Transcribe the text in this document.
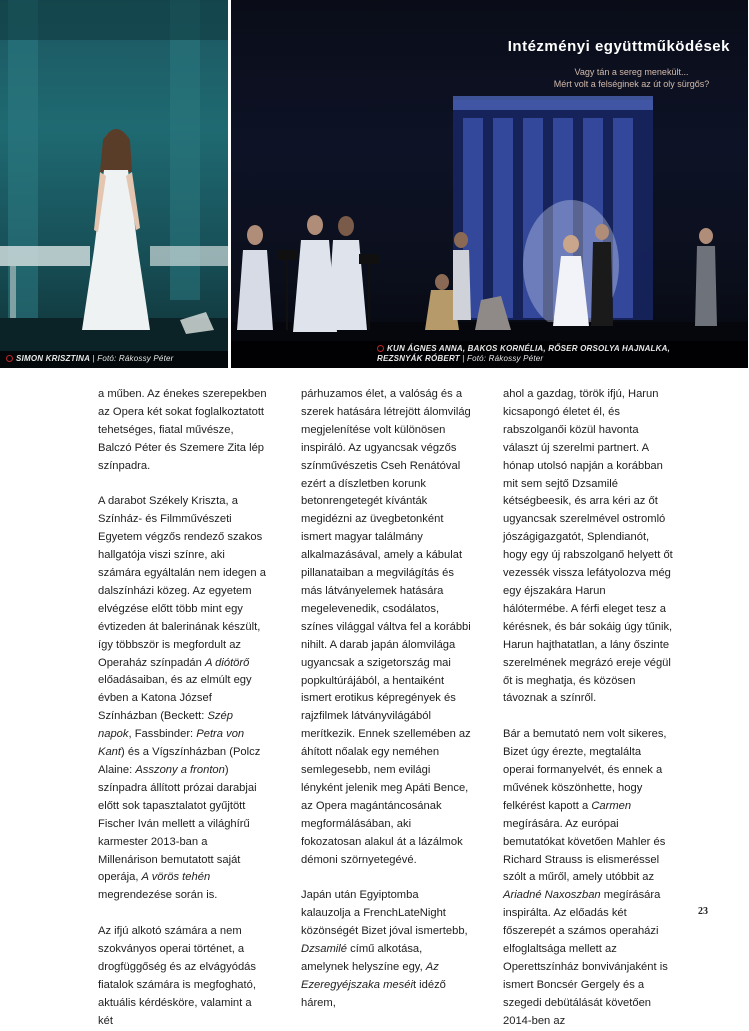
SIMON KRISZTINA | Fotó: Rákossy Péter
Intézményi együttműködések
Vagy tán a sereg menekült...
Mért volt a felséginek az út oly sürgős?
KUN ÁGNES ANNA, BAKOS KORNÉLIA, RŐSER ORSOLYA HAJNALKA,
REZSNYÁK RÓBERT | Fotó: Rákossy Péter

a műben. Az énekes szerepekben az Opera két sokat foglalkoztatott tehetséges, fiatal művésze, Balczó Péter és Szemere Zita lép színpadra.

A darabot Székely Kriszta, a Színház- és Filmművészeti Egyetem végzős rendező szakos hallgatója viszi színre, aki számára egyáltalán nem idegen a dalszínházi közeg. Az egyetem elvégzése előtt több mint egy évtizeden át balerinának készült, így többször is megfordult az Operaház színpadán A diótörő előadásaiban, és az elmúlt egy évben a Katona József Színházban (Beckett: Szép napok, Fassbinder: Petra von Kant) és a Vígszínházban (Polcz Alaine: Asszony a fronton) színpadra állított prózai darabjai előtt sok tapasztalatot gyűjtött Fischer Iván mellett a világhírű karmester 2013-ban a Millenárison bemutatott saját operája, A vörös tehén megrendezése során is.

Az ifjú alkotó számára a nem szokványos operai történet, a drogfüggőség és az elvágyódás fiatalok számára is megfogható, aktuális kérdésköre, valamint a két

párhuzamos élet, a valóság és a szerek hatására létrejött álomvilág megjelenítése volt különösen inspiráló. Az ugyancsak végzős színművészetis Cseh Renátóval ezért a díszletben korunk betonrengetegét kívánták megidézni az üvegbetonként ismert magyar találmány alkalmazásával, amely a kábulat pillanataiban a megvilágítás és más látványelemek hatására megelevenedik, csodálatos, színes világgal váltva fel a korábbi nihilt. A darab japán álomvilága ugyancsak a szigetország mai popkultúrájából, a hentaiként ismert erotikus képregények és rajzfilmek látványvilágából merítkezik. Ennek szellemében az áhított nőalak egy neméhen semlegesebb, nem evilági lényként jelenik meg Apáti Bence, az Opera magántáncosának megformálásában, aki fokozatosan alakul át a lázálmok démoni szörnyetegévé.

Japán után Egyiptomba kalauzolja a FrenchLateNight közönségét Bizet jóval ismertebb, Dzsamilé című alkotása, amelynek helyszíne egy, Az Ezeregyéjszaka meséit idéző hárem,

ahol a gazdag, török ifjú, Harun kicsapongó életet él, és rabszolganői közül havonta választ új szerelmi partnert. A hónap utolsó napján a korábban mit sem sejtő Dzsamilé kétségbeesik, és arra kéri az őt ugyancsak szerelmével ostromló jószágigazgatót, Splendianót, hogy egy új rabszolganő helyett őt vezessék vissza lefátyolozva még egy éjszakára Harun hálótermébe. A férfi eleget tesz a kérésnek, és bár sokáig úgy tűnik, Harun hajthatatlan, a lány őszinte szerelmének megrázó ereje végül őt is meghatja, és közösen távoznak a színről.

Bár a bemutató nem volt sikeres, Bizet úgy érezte, megtalálta operai formanyelvét, és ennek a művének köszönhette, hogy felkérést kapott a Carmen megírására. Az európai bemutatókat követően Mahler és Richard Strauss is elismeréssel szólt a műről, amely utóbbit az Ariadné Naxoszban megírására inspirálta. Az előadás két főszerepét a számos operaházi elfoglaltsága mellett az Operettszínház bonvivánjaként is ismert Boncsér Gergely és a szegedi debütálását követően 2014-ben az

23
